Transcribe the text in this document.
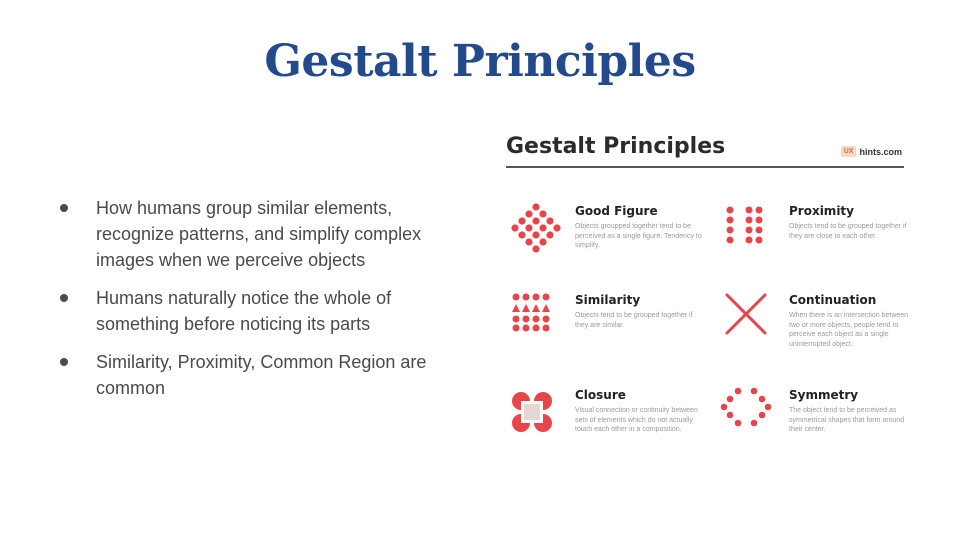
Gestalt Principles
How humans group similar elements, recognize patterns, and simplify complex images when we perceive objects
Humans naturally notice the whole of something before noticing its parts
Similarity, Proximity, Common Region are common
Gestalt Principles	UX hints.com
Good Figure
Objects groupped together tend to be perceived as a single figure. Tendency to simplify.
Proximity
Objects tend to be grouped together if they are close to each other.
Similarity
Objects tend to be grouped together if they are similar.
Continuation
When there is an intersection between two or more objects, people tend to perceive each object as a single uninterrupted object.
Closure
Visual connection or continuity between sets of elements which do not actually touch each other in a composition.
Symmetry
The object tend to be perceived as symmetrical shapes that form around their center.
